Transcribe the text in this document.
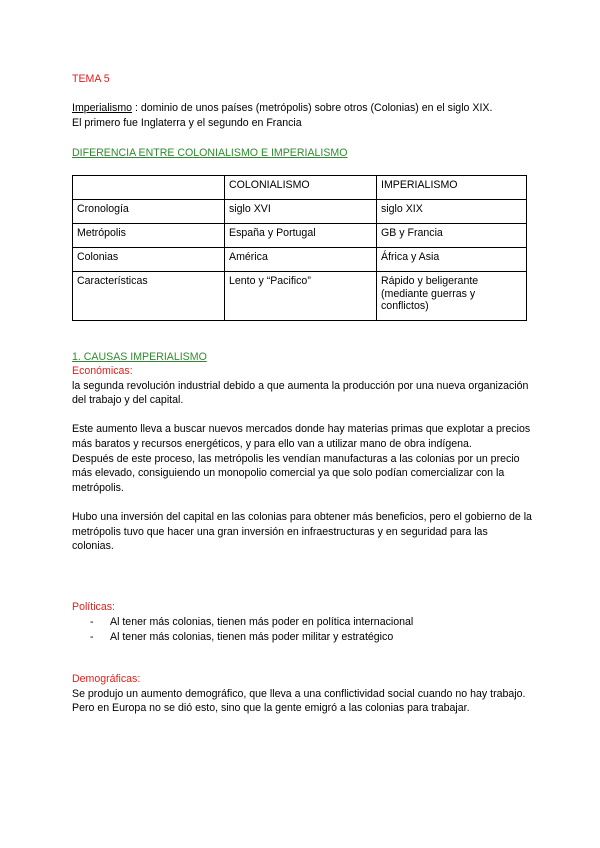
TEMA 5

Imperialismo : dominio de unos países (metrópolis) sobre otros (Colonias) en el siglo XIX.

El primero fue Inglaterra y el segundo en Francia

DIFERENCIA ENTRE COLONIALISMO E IMPERIALISMO

	COLONIALISMO	IMPERIALISMO
Cronología	siglo XVI	siglo XIX
Metrópolis	España y Portugal	GB y Francia
Colonias	América	África y Asia
Características	Lento y “Pacifico”	Rápido y beligerante (mediante guerras y conflictos)

1. CAUSAS IMPERIALISMO

Económicas:

la segunda revolución industrial debido a que aumenta la producción por una nueva organización del trabajo y del capital.

Este aumento lleva a buscar nuevos mercados donde hay materias primas que explotar a precios más baratos y recursos energéticos, y para ello van a utilizar mano de obra indígena.

Después de este proceso, las metrópolis les vendían manufacturas a las colonias por un precio más elevado, consiguiendo un monopolio comercial ya que solo podían comercializar con la metrópolis.

Hubo una inversión del capital en las colonias para obtener más beneficios, pero el gobierno de la metrópolis tuvo que hacer una gran inversión en infraestructuras y en seguridad para las colonias.

Políticas:

- Al tener más colonias, tienen más poder en política internacional
- Al tener más colonias, tienen más poder militar y estratégico

Demográficas:

Se produjo un aumento demográfico, que lleva a una conflictividad social cuando no hay trabajo. Pero en Europa no se dió esto, sino que la gente emigró a las colonias para trabajar.
